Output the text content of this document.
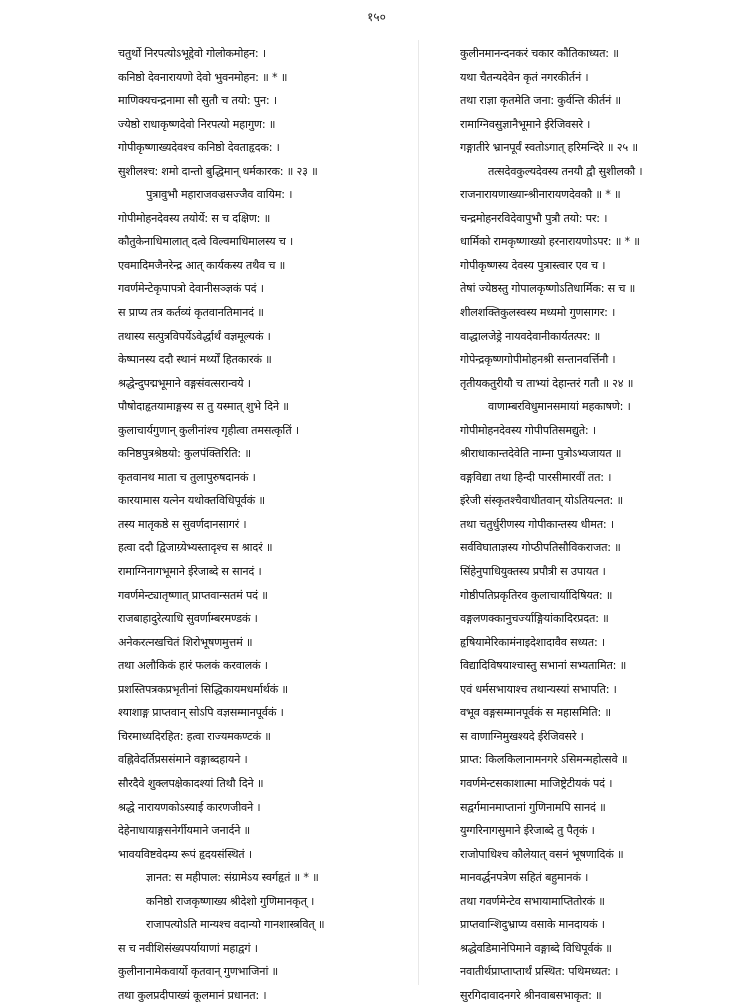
१५०
चतुर्थो निरपत्योऽभूद्देवो गोलोकमोहन: ।
कनिष्ठो देवनारायणो देवो भुवनमोहन: ॥ * ॥
माणिक्यचन्द्रनामा सौ सुतौ च तयो: पुन: ।
ज्येष्ठो राधाकृष्णदेवो निरपत्यो महागुण: ॥
गोपीकृष्णाख्यदेवश्च कनिष्ठो देवताहृदक: ।
सुशीलश्च: शमो दान्तो बुद्धिमान् धर्मकारक: ॥ २३ ॥
पुत्रावुभौ महाराजवज्रसज्जैव वायिम: ।
गोपीमोहनदेवस्य तयोर्ये: स च दक्षिण: ॥
कौतुकेनाधिमालात् दत्वे विल्वमाधिमालस्य च ।
एवमादिमजैनरेन्द्र आत् कार्यकस्य तथैव च ॥
गवर्णमेन्टेकृपापत्रो देवानीसञ्ज्ञकं पदं ।
स प्राप्य तत्र कर्तव्यं कृतवानतिमानदं ॥
तथास्य सत्पुत्रविपर्येऽवेर्द्धार्थं वज्ञमूल्यकं ।
केष्पानस्य ददौ स्थानं मर्थ्यों हितकारकं ॥
श्रद्धेन्दुपद्मभूमाने वङ्गसंवत्सरान्वये ।
पौषोदाहृतयामाङ्गस्य स तु यस्मात् शुभे दिने ॥
कुलाचार्यगुणान् कुलीनांश्च गृहीत्वा तमसत्कृतिं ।
कनिष्ठपुत्रश्रेष्ठयो: कुलपंक्तिरिति: ॥
कृतवानथ माता च तुलापुरुषदानकं ।
कारयामास यत्नेन यथोक्तविधिपूर्वकं ॥
तस्य मातृकष्ठे स सुवर्णदानसागरं ।
हत्वा ददौ द्विजाग्र्येभ्यस्तादृश्च स श्रादरं ॥
रामाग्निनागभूमाने ईरेजाब्दे स सानदं ।
गवर्णमेन्ट्यातृष्णात् प्राप्तवान्सतमं पदं ॥
राजबाहादुरेत्याधि सुवर्णाम्बरमण्डकं ।
अनेकरत्नखचितं शिरोभूषणमुत्तमं ॥
तथा अलौकिकं हारं फलकं करवालकं ।
प्रशस्तिपत्रकप्रभृतीनां सिद्धिकायमधर्मार्थकं ॥
श्याशाङ्ग प्राप्तवान् सोऽपि वज्ञसम्मानपूर्वकं ।
चिरमाध्यदिरहित: हत्वा राज्यमकण्टकं ॥
वह्निवेदर्तिप्रससंमाने वङ्गाब्दहायने ।
सौरदैवे शुक्लपक्षेकादश्यां तिथौ दिने ॥
श्रद्धे नारायणकोऽस्याई कारणजीवने ।
देहेनाधायाङ्गसनेर्गीयमाने जनार्दने ॥
भावयविष्टवेदम्य रूपं हृदयसंस्थितं ।
ज्ञानत: स महीपाल: संग्रामेऽय स्वर्गहृतं ॥ * ॥
कनिष्ठो राजकृष्णाख्य श्रीदेशो गुणिमानकृत् ।
राजापत्योऽति मान्यश्च वदान्यो गानशास्त्रवित् ॥
स च नवीशिसंख्यपर्यायाणां महाद्वगं ।
कुलीनानामेकवार्यो कृतवान् गुणभाजिनां ॥
तथा कुलप्रदीपाख्यं कूलमानं प्रधानत: ।
कुलीनमानन्दनकरं चकार कौतिकाध्यत: ॥
यथा चैतन्यदेवेन कृतं नगरकीर्तनं ।
तथा राज्ञा कृतमेति जना: कुर्वन्ति कीर्तनं ॥
रामाग्निवसुज्ञानैभूमाने ईरेजिवसरे ।
गङ्गातीरे भ्रानपूर्वं स्वतोऽगात् हरिमन्दिरे ॥ २५ ॥
तत्सदेवकुल्यदेवस्य तनयौ द्वौ सुशीलकौ ।
राजनारायणाख्यान्श्रीनारायणदेवकौ ॥ * ॥
चन्द्रमोहनरविदेवापुभौ पुत्रौ तयो: पर: ।
धार्मिको रामकृष्णाख्यो हरनारायणोऽपर: ॥ * ॥
गोपीकृष्णस्य देवस्य पुत्रास्त्वार एव च ।
तेषां ज्येष्ठस्तु गोपालकृष्णोऽतिधार्मिक: स च ॥
शीलशक्तिकुलस्वस्य मध्यमो गुणसागर: ।
वाद्धालजेड्रे नायवदेवानीकार्यतत्पर: ॥
गोपेन्द्रकृष्णगोपीमोहनश्री सन्तानवर्त्तिनौ ।
तृतीयकतुरीयौ च ताभ्यां देहान्तरं गतौ ॥ २४ ॥
वाणाम्बरविधुमानसमायां महकाषणे: ।
गोपीमोहनदेवस्य गोपीपतिसमद्युते: ।
श्रीराधाकान्तदेवेति नाम्ना पुत्रोऽभ्यजायत ॥
वङ्गविद्या तथा हिन्दी पारसीमारवीं तत: ।
इंरेजी संस्कृतश्चैवाधीतवान् योऽतियत्नत: ॥
तथा चतुर्धुरीणस्य गोपीकान्तस्य धीमत: ।
सर्वविघाताज्ञस्य गोप्ठीपतिसौविकराजत: ॥
सिंहेनुपाधियुक्तस्य प्रपौत्री स उपायत ।
गोष्ठीपतिप्रकृतिरव कुलाचार्यादिषियत: ॥
वङ्गलणक्कानुचर्ज्याङ्गियांकादिरप्रदत: ॥
हृषियामेरिकामंनाइदेशादावैव सध्यत: ।
विद्यादिविषयाश्चास्तु सभानां सभ्यतामित: ॥
एवं धर्मसभायाश्च तथान्यस्यां सभापति: ।
वभूव वङ्गसम्मानपूर्वकं स महासमिति: ॥
स वाणाग्निमुखश्यदे ईरेजिवसरे ।
प्राप्त: किलकिलानामनगरे ऽसिमन्महोत्सवे ॥
गवर्णमेन्टसकाशात्मा माजिष्ट्रेटीयकं पदं ।
सद्वर्गमानमाप्तानां गुणिनामपि सानदं ॥
युग्गरिनागसुमाने ईरेजाब्दे तु पैतृकं ।
राजोपाधिश्च कौलेयात् वसनं भूषणादिकं ॥
मानवर्द्धनपत्रेण सहितं बहुमानकं ।
तथा गवर्णमेन्टेव सभायामाप्तितोरकं ॥
प्राप्तवान्शिदुभ्राप्य वसाके मानदायकं ।
श्रद्धेवडिमानेपिमाने वङ्गाब्दे विधिपूर्वकं ॥
नवातीर्थप्राप्ताप्तार्थं प्रस्थित: पथिमध्यत: ।
सुरगिदावादनगरे श्रीनवाबसभाकृत: ॥
